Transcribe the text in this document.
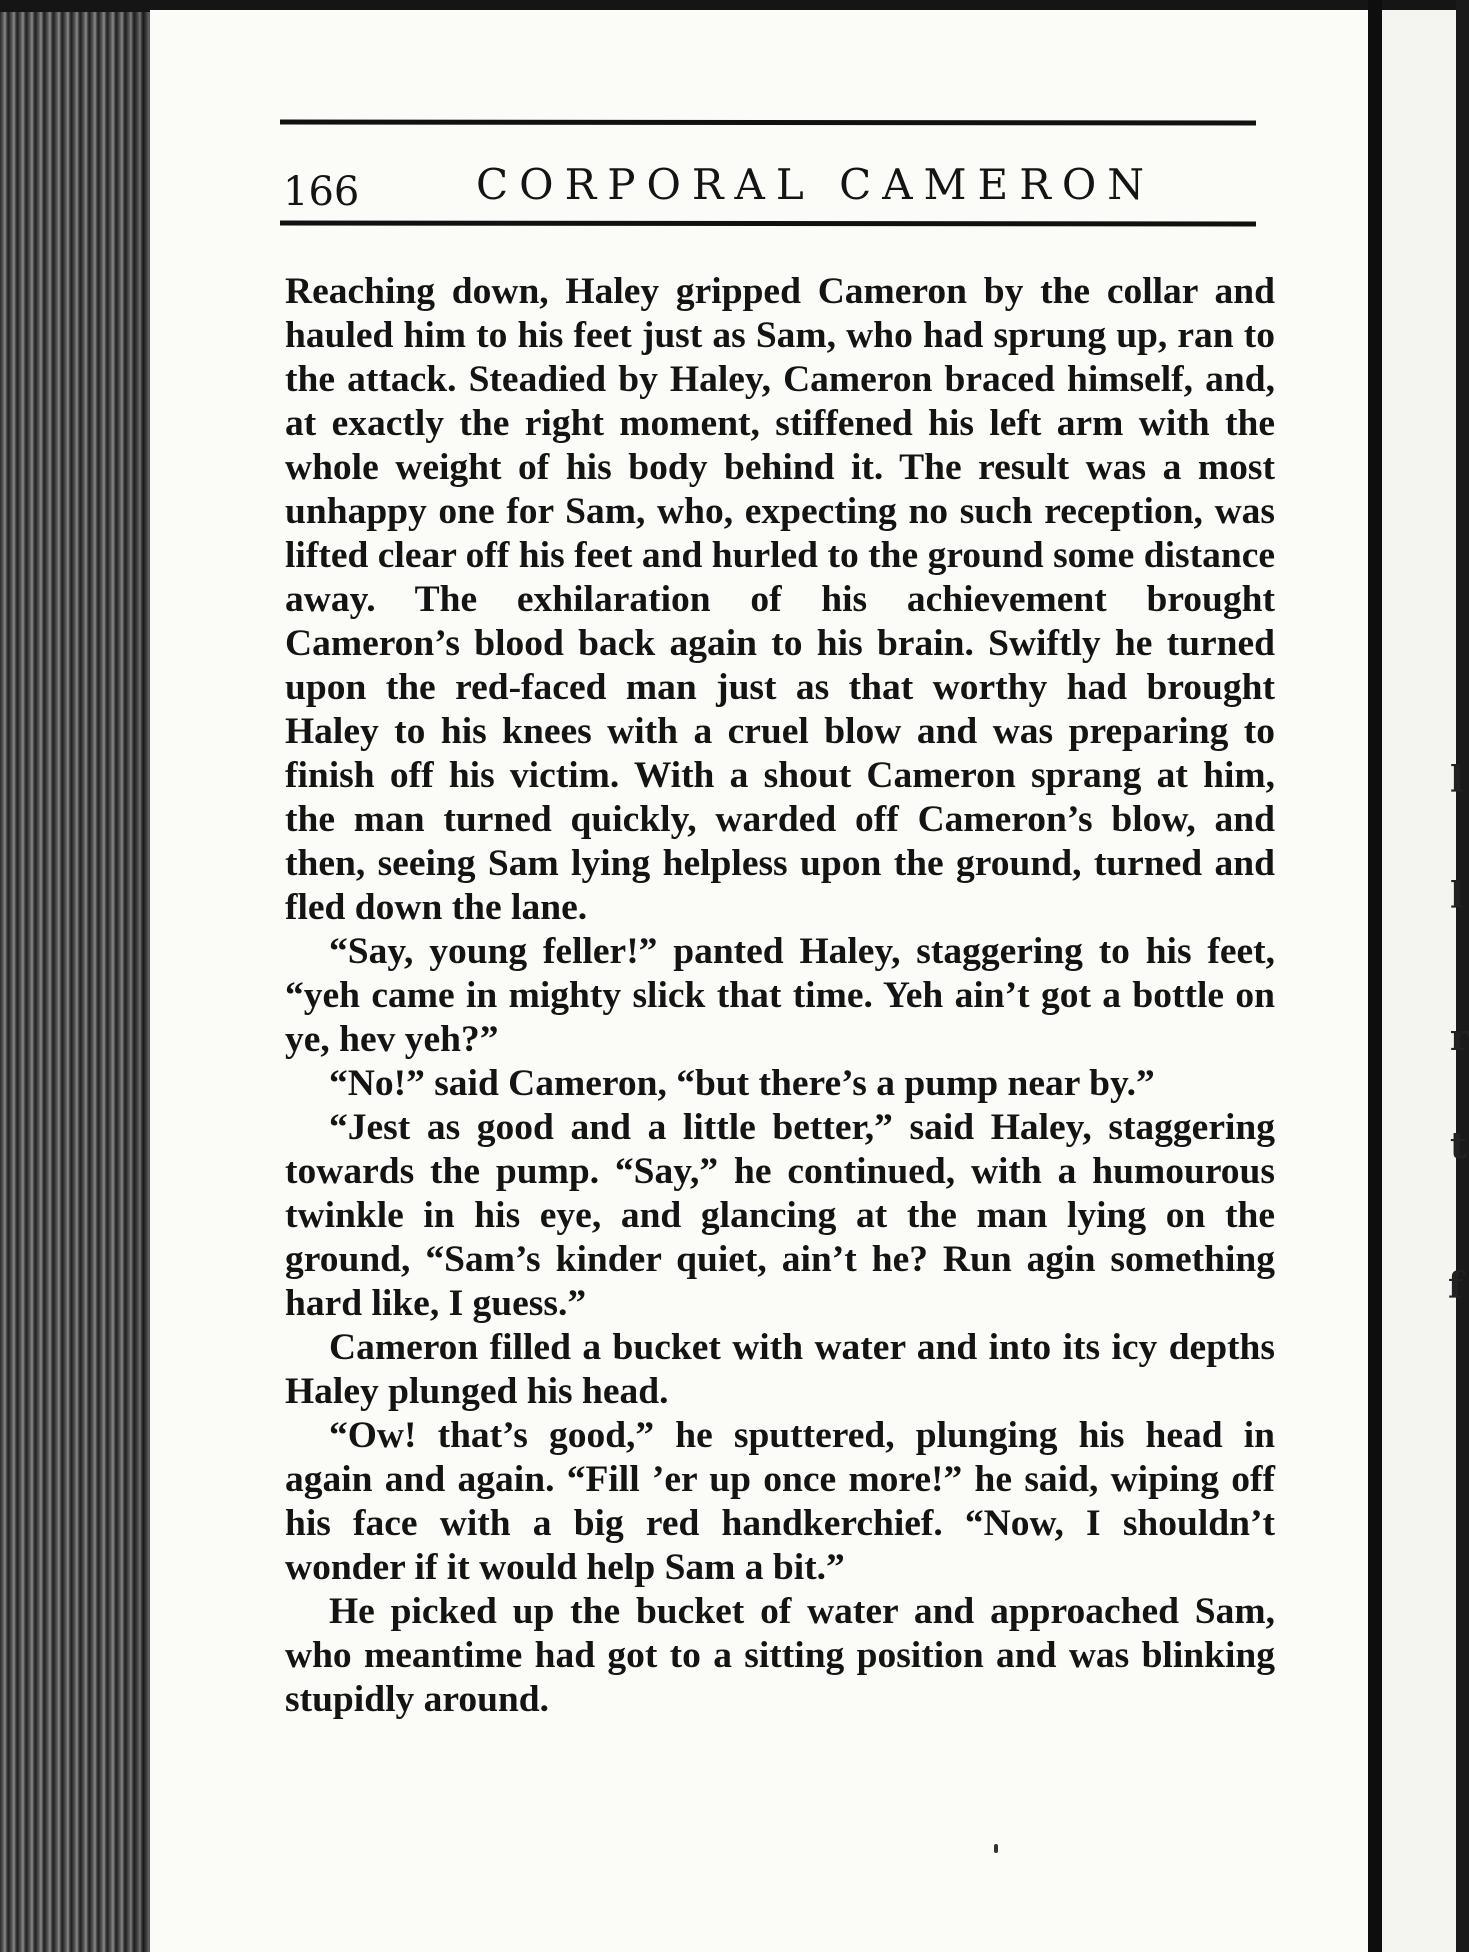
l
l
r
t
f
166	CORPORAL CAMERON

Reaching down, Haley gripped Cameron by the collar and hauled him to his feet just as Sam, who had sprung up, ran to the attack. Steadied by Haley, Cameron braced himself, and, at exactly the right moment, stiffened his left arm with the whole weight of his body behind it. The result was a most unhappy one for Sam, who, expecting no such reception, was lifted clear off his feet and hurled to the ground some distance away. The exhilaration of his achievement brought Cameron’s blood back again to his brain. Swiftly he turned upon the red-faced man just as that worthy had brought Haley to his knees with a cruel blow and was preparing to finish off his victim. With a shout Cameron sprang at him, the man turned quickly, warded off Cameron’s blow, and then, seeing Sam lying helpless upon the ground, turned and fled down the lane.

“Say, young feller!” panted Haley, staggering to his feet, “yeh came in mighty slick that time. Yeh ain’t got a bottle on ye, hev yeh?”

“No!” said Cameron, “but there’s a pump near by.”

“Jest as good and a little better,” said Haley, staggering towards the pump. “Say,” he continued, with a humourous twinkle in his eye, and glancing at the man lying on the ground, “Sam’s kinder quiet, ain’t he? Run agin something hard like, I guess.”

Cameron filled a bucket with water and into its icy depths Haley plunged his head.

“Ow! that’s good,” he sputtered, plunging his head in again and again. “Fill ’er up once more!” he said, wiping off his face with a big red handkerchief. “Now, I shouldn’t wonder if it would help Sam a bit.”

He picked up the bucket of water and approached Sam, who meantime had got to a sitting position and was blinking stupidly around.
